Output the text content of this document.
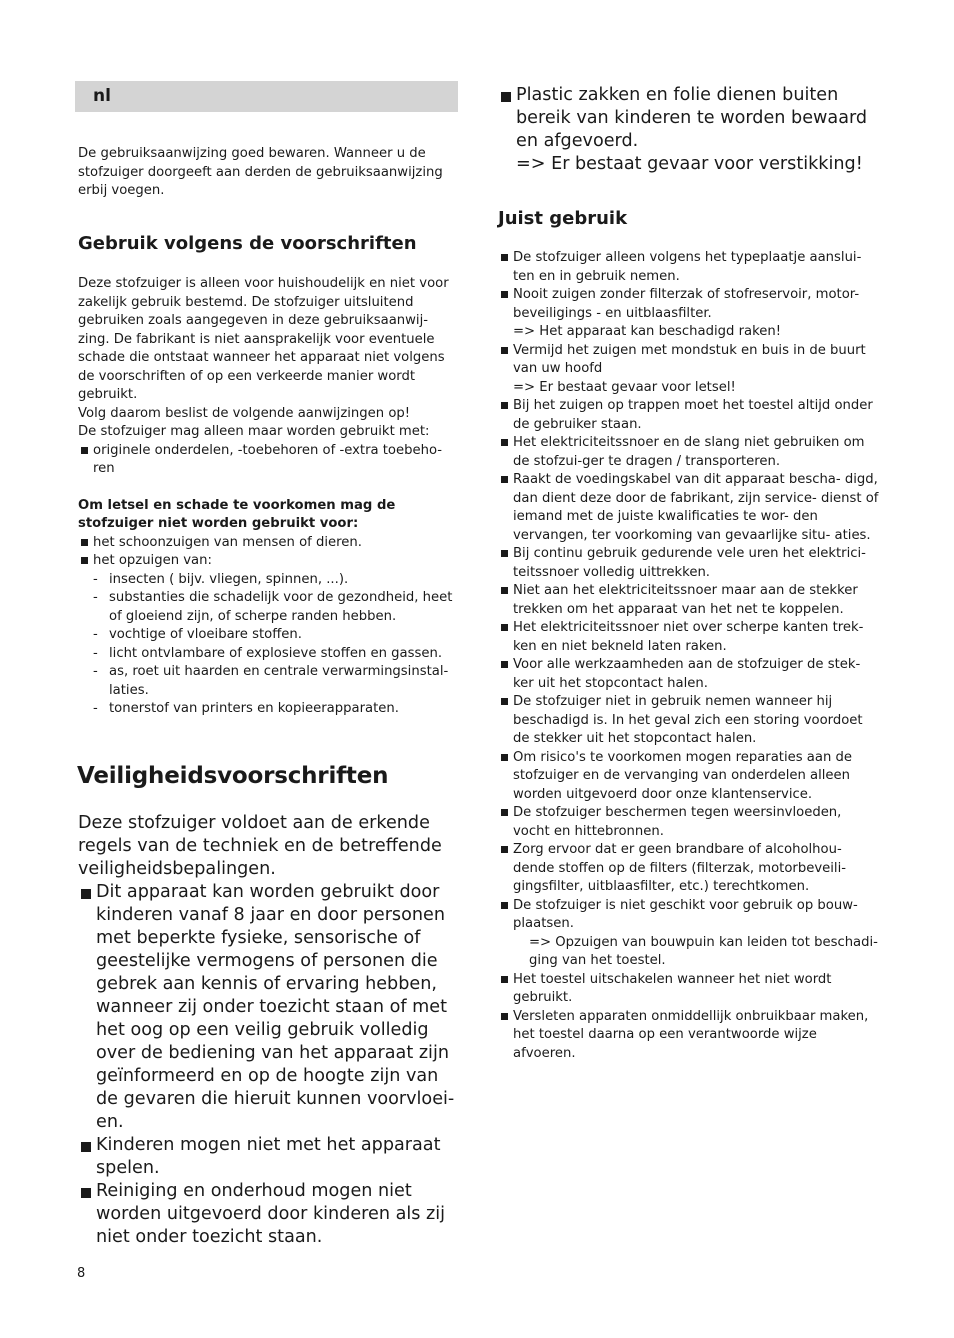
nl

De gebruiksaanwijzing goed bewaren. Wanneer u de stofzuiger doorgeeft aan derden de gebruiksaanwijzing erbij voegen.

Gebruik volgens de voorschriften

Deze stofzuiger is alleen voor huishoudelijk en niet voor zakelijk gebruik bestemd. De stofzuiger uitsluitend gebruiken zoals aangegeven in deze gebruiksaanwij- zing. De fabrikant is niet aansprakelijk voor eventuele schade die ontstaat wanneer het apparaat niet volgens de voorschriften of op een verkeerde manier wordt gebruikt.

Volg daarom beslist de volgende aanwijzingen op!

De stofzuiger mag alleen maar worden gebruikt met:

originele onderdelen, -toebehoren of -extra toebeho- ren

Om letsel en schade te voorkomen mag de stofzuiger niet worden gebruikt voor:

het schoonzuigen van mensen of dieren.
het opzuigen van:
- insecten ( bijv. vliegen, spinnen, ...).
- substanties die schadelijk voor de gezondheid, heet of gloeiend zijn, of scherpe randen hebben.
- vochtige of vloeibare stoffen.
- licht ontvlambare of explosieve stoffen en gassen.
- as, roet uit haarden en centrale verwarmingsinstal- laties.
- tonerstof van printers en kopieerapparaten.
Veiligheidsvoorschriften

Deze stofzuiger voldoet aan de erkende regels van de techniek en de betreffende veiligheidsbepalingen.

Dit apparaat kan worden gebruikt door kinderen vanaf 8 jaar en door personen met beperkte fysieke, sensorische of geestelijke vermogens of personen die gebrek aan kennis of ervaring hebben, wanneer zij onder toezicht staan of met het oog op een veilig gebruik volledig over de bediening van het apparaat zijn geïnformeerd en op de hoogte zijn van de gevaren die hieruit kunnen voorvloei- en.
Kinderen mogen niet met het apparaat spelen.
Reiniging en onderhoud mogen niet worden uitgevoerd door kinderen als zij niet onder toezicht staan.
8
Plastic zakken en folie dienen buiten bereik van kinderen te worden bewaard en afgevoerd.
=> Er bestaat gevaar voor verstikking!
Juist gebruik
De stofzuiger alleen volgens het typeplaatje aanslui- ten en in gebruik nemen.
Nooit zuigen zonder filterzak of stofreservoir, motor- beveiligings - en uitblaasfilter.
=> Het apparaat kan beschadigd raken!
Vermijd het zuigen met mondstuk en buis in de buurt van uw hoofd
=> Er bestaat gevaar voor letsel!
Bij het zuigen op trappen moet het toestel altijd onder de gebruiker staan.
Het elektriciteitssnoer en de slang niet gebruiken om de stofzui-ger te dragen / transporteren.
Raakt de voedingskabel van dit apparaat bescha- digd, dan dient deze door de fabrikant, zijn service- dienst of iemand met de juiste kwalificaties te wor- den vervangen, ter voorkoming van gevaarlijke situ- aties.
Bij continu gebruik gedurende vele uren het elektrici- teitssnoer volledig uittrekken.
Niet aan het elektriciteitssnoer maar aan de stekker trekken om het apparaat van het net te koppelen.
Het elektriciteitssnoer niet over scherpe kanten trek- ken en niet bekneld laten raken.
Voor alle werkzaamheden aan de stofzuiger de stek- ker uit het stopcontact halen.
De stofzuiger niet in gebruik nemen wanneer hij beschadigd is. In het geval zich een storing voordoet de stekker uit het stopcontact halen.
Om risico's te voorkomen mogen reparaties aan de stofzuiger en de vervanging van onderdelen alleen worden uitgevoerd door onze klantenservice.
De stofzuiger beschermen tegen weersinvloeden, vocht en hittebronnen.
Zorg ervoor dat er geen brandbare of alcoholhou- dende stoffen op de filters (filterzak, motorbeveili- gingsfilter, uitblaasfilter, etc.) terechtkomen.
De stofzuiger is niet geschikt voor gebruik op bouw- plaatsen.
=> Opzuigen van bouwpuin kan leiden tot beschadi- ging van het toestel.
Het toestel uitschakelen wanneer het niet wordt gebruikt.
Versleten apparaten onmiddellijk onbruikbaar maken, het toestel daarna op een verantwoorde wijze afvoeren.
